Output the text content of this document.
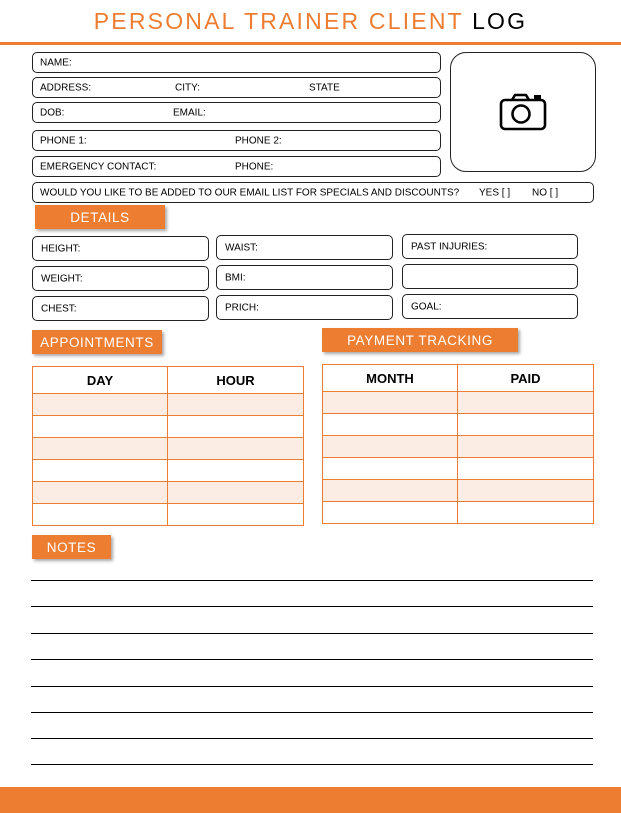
PERSONAL TRAINER CLIENT LOG
NAME:
ADDRESS:	CITY:	STATE
DOB:	EMAIL:
PHONE 1:	PHONE 2:
EMERGENCY CONTACT:	PHONE:
WOULD YOU LIKE TO BE ADDED TO OUR EMAIL LIST FOR SPECIALS AND DISCOUNTS? YES [ ] NO [ ]
DETAILS
HEIGHT:	WAIST:	PAST INJURIES:
WEIGHT:	BMI:
CHEST:	PRICH:	GOAL:
APPOINTMENTS
DAY	HOUR

PAYMENT TRACKING
MONTH	PAID

NOTES
